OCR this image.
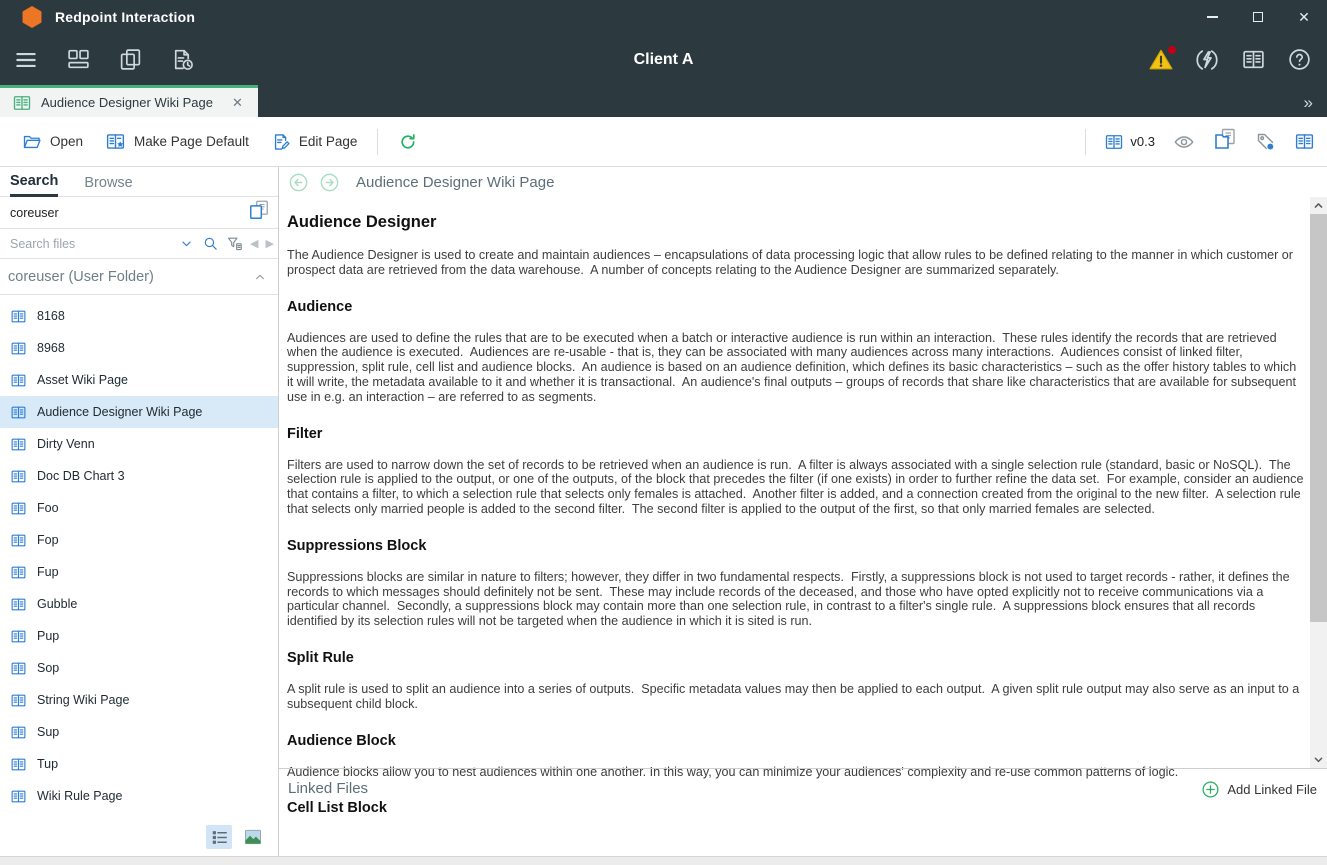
Redpoint Interaction	✕
Client A
Audience Designer Wiki Page ✕	»
Open	Make Page Default	Edit Page	v0.3
Search Browse
coreuser
Search files
◀ ▶
coreuser (User Folder)
8168
8968
Asset Wiki Page
Audience Designer Wiki Page
Dirty Venn
Doc DB Chart 3
Foo
Fop
Fup
Gubble
Pup
Sop
String Wiki Page
Sup
Tup
Wiki Rule Page
Audience Designer Wiki Page
Audience Designer

The Audience Designer is used to create and maintain audiences – encapsulations of data processing logic that allow rules to be defined relating to the manner in which customer or prospect data are retrieved from the data warehouse.  A number of concepts relating to the Audience Designer are summarized separately.

Audience

Audiences are used to define the rules that are to be executed when a batch or interactive audience is run within an interaction.  These rules identify the records that are retrieved when the audience is executed.  Audiences are re-usable - that is, they can be associated with many audiences across many interactions.  Audiences consist of linked filter, suppression, split rule, cell list and audience blocks.  An audience is based on an audience definition, which defines its basic characteristics – such as the offer history tables to which it will write, the metadata available to it and whether it is transactional.  An audience's final outputs – groups of records that share like characteristics that are available for subsequent use in e.g. an interaction – are referred to as segments.

Filter

Filters are used to narrow down the set of records to be retrieved when an audience is run.  A filter is always associated with a single selection rule (standard, basic or NoSQL).  The selection rule is applied to the output, or one of the outputs, of the block that precedes the filter (if one exists) in order to further refine the data set.  For example, consider an audience that contains a filter, to which a selection rule that selects only females is attached.  Another filter is added, and a connection created from the original to the new filter.  A selection rule that selects only married people is added to the second filter.  The second filter is applied to the output of the first, so that only married females are selected.

Suppressions Block

Suppressions blocks are similar in nature to filters; however, they differ in two fundamental respects.  Firstly, a suppressions block is not used to target records - rather, it defines the records to which messages should definitely not be sent.  These may include records of the deceased, and those who have opted explicitly not to receive communications via a particular channel.  Secondly, a suppressions block may contain more than one selection rule, in contrast to a filter's single rule.  A suppressions block ensures that all records identified by its selection rules will not be targeted when the audience in which it is sited is run.

Split Rule

A split rule is used to split an audience into a series of outputs.  Specific metadata values may then be applied to each output.  A given split rule output may also serve as an input to a subsequent child block.

Audience Block

Audience blocks allow you to nest audiences within one another. In this way, you can minimize your audiences' complexity and re-use common patterns of logic.

Cell List Block
Linked Files	Add Linked File
